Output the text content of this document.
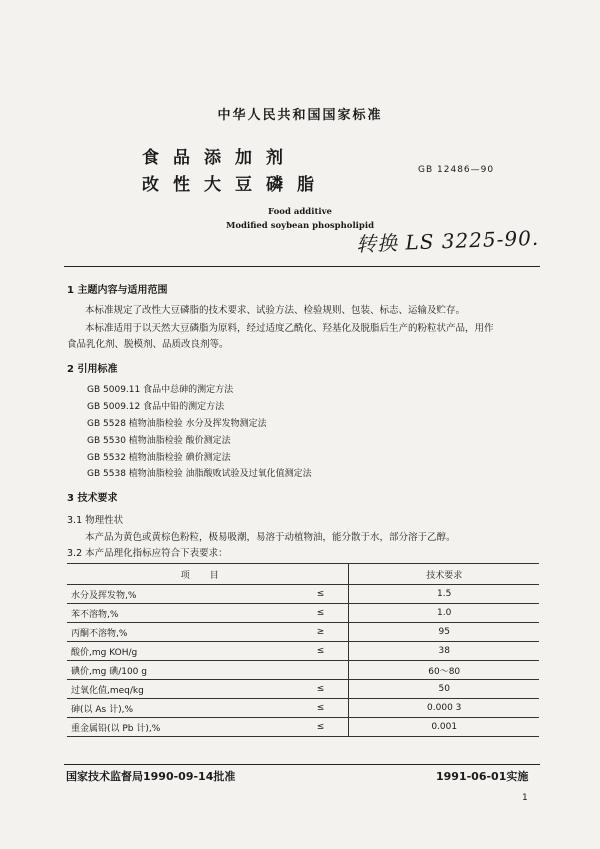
中华人民共和国国家标准
食品添加剂
改性大豆磷脂
GB 12486—90
Food additive
Modified soybean phospholipid
转换 LS 3225-90.
1 主题内容与适用范围
本标准规定了改性大豆磷脂的技术要求、试验方法、检验规则、包装、标志、运输及贮存。
本标准适用于以天然大豆磷脂为原料，经过适度乙酰化、羟基化及脱脂后生产的粉粒状产品，用作
食品乳化剂、脱模剂、品质改良剂等。
2 引用标准
GB 5009.11 食品中总砷的测定方法
GB 5009.12 食品中铅的测定方法
GB 5528 植物油脂检验 水分及挥发物测定法
GB 5530 植物油脂检验 酸价测定法
GB 5532 植物油脂检验 碘价测定法
GB 5538 植物油脂检验 油脂酸败试验及过氧化值测定法
3 技术要求
3.1 物理性状
本产品为黄色或黄棕色粉粒，极易吸潮，易溶于动植物油，能分散于水，部分溶于乙醇。
3.2 本产品理化指标应符合下表要求：
项目		技术要求
水分及挥发物,%	≤	1.5
苯不溶物,%	≤	1.0
丙酮不溶物,%	≥	95
酸价,mg KOH/g	≤	38
碘价,mg 碘/100 g		60～80
过氧化值,meq/kg	≤	50
砷(以 As 计),%	≤	0.000 3
重金属铅(以 Pb 计),%	≤	0.001
国家技术监督局1990-09-14批准	1991-06-01实施
1
